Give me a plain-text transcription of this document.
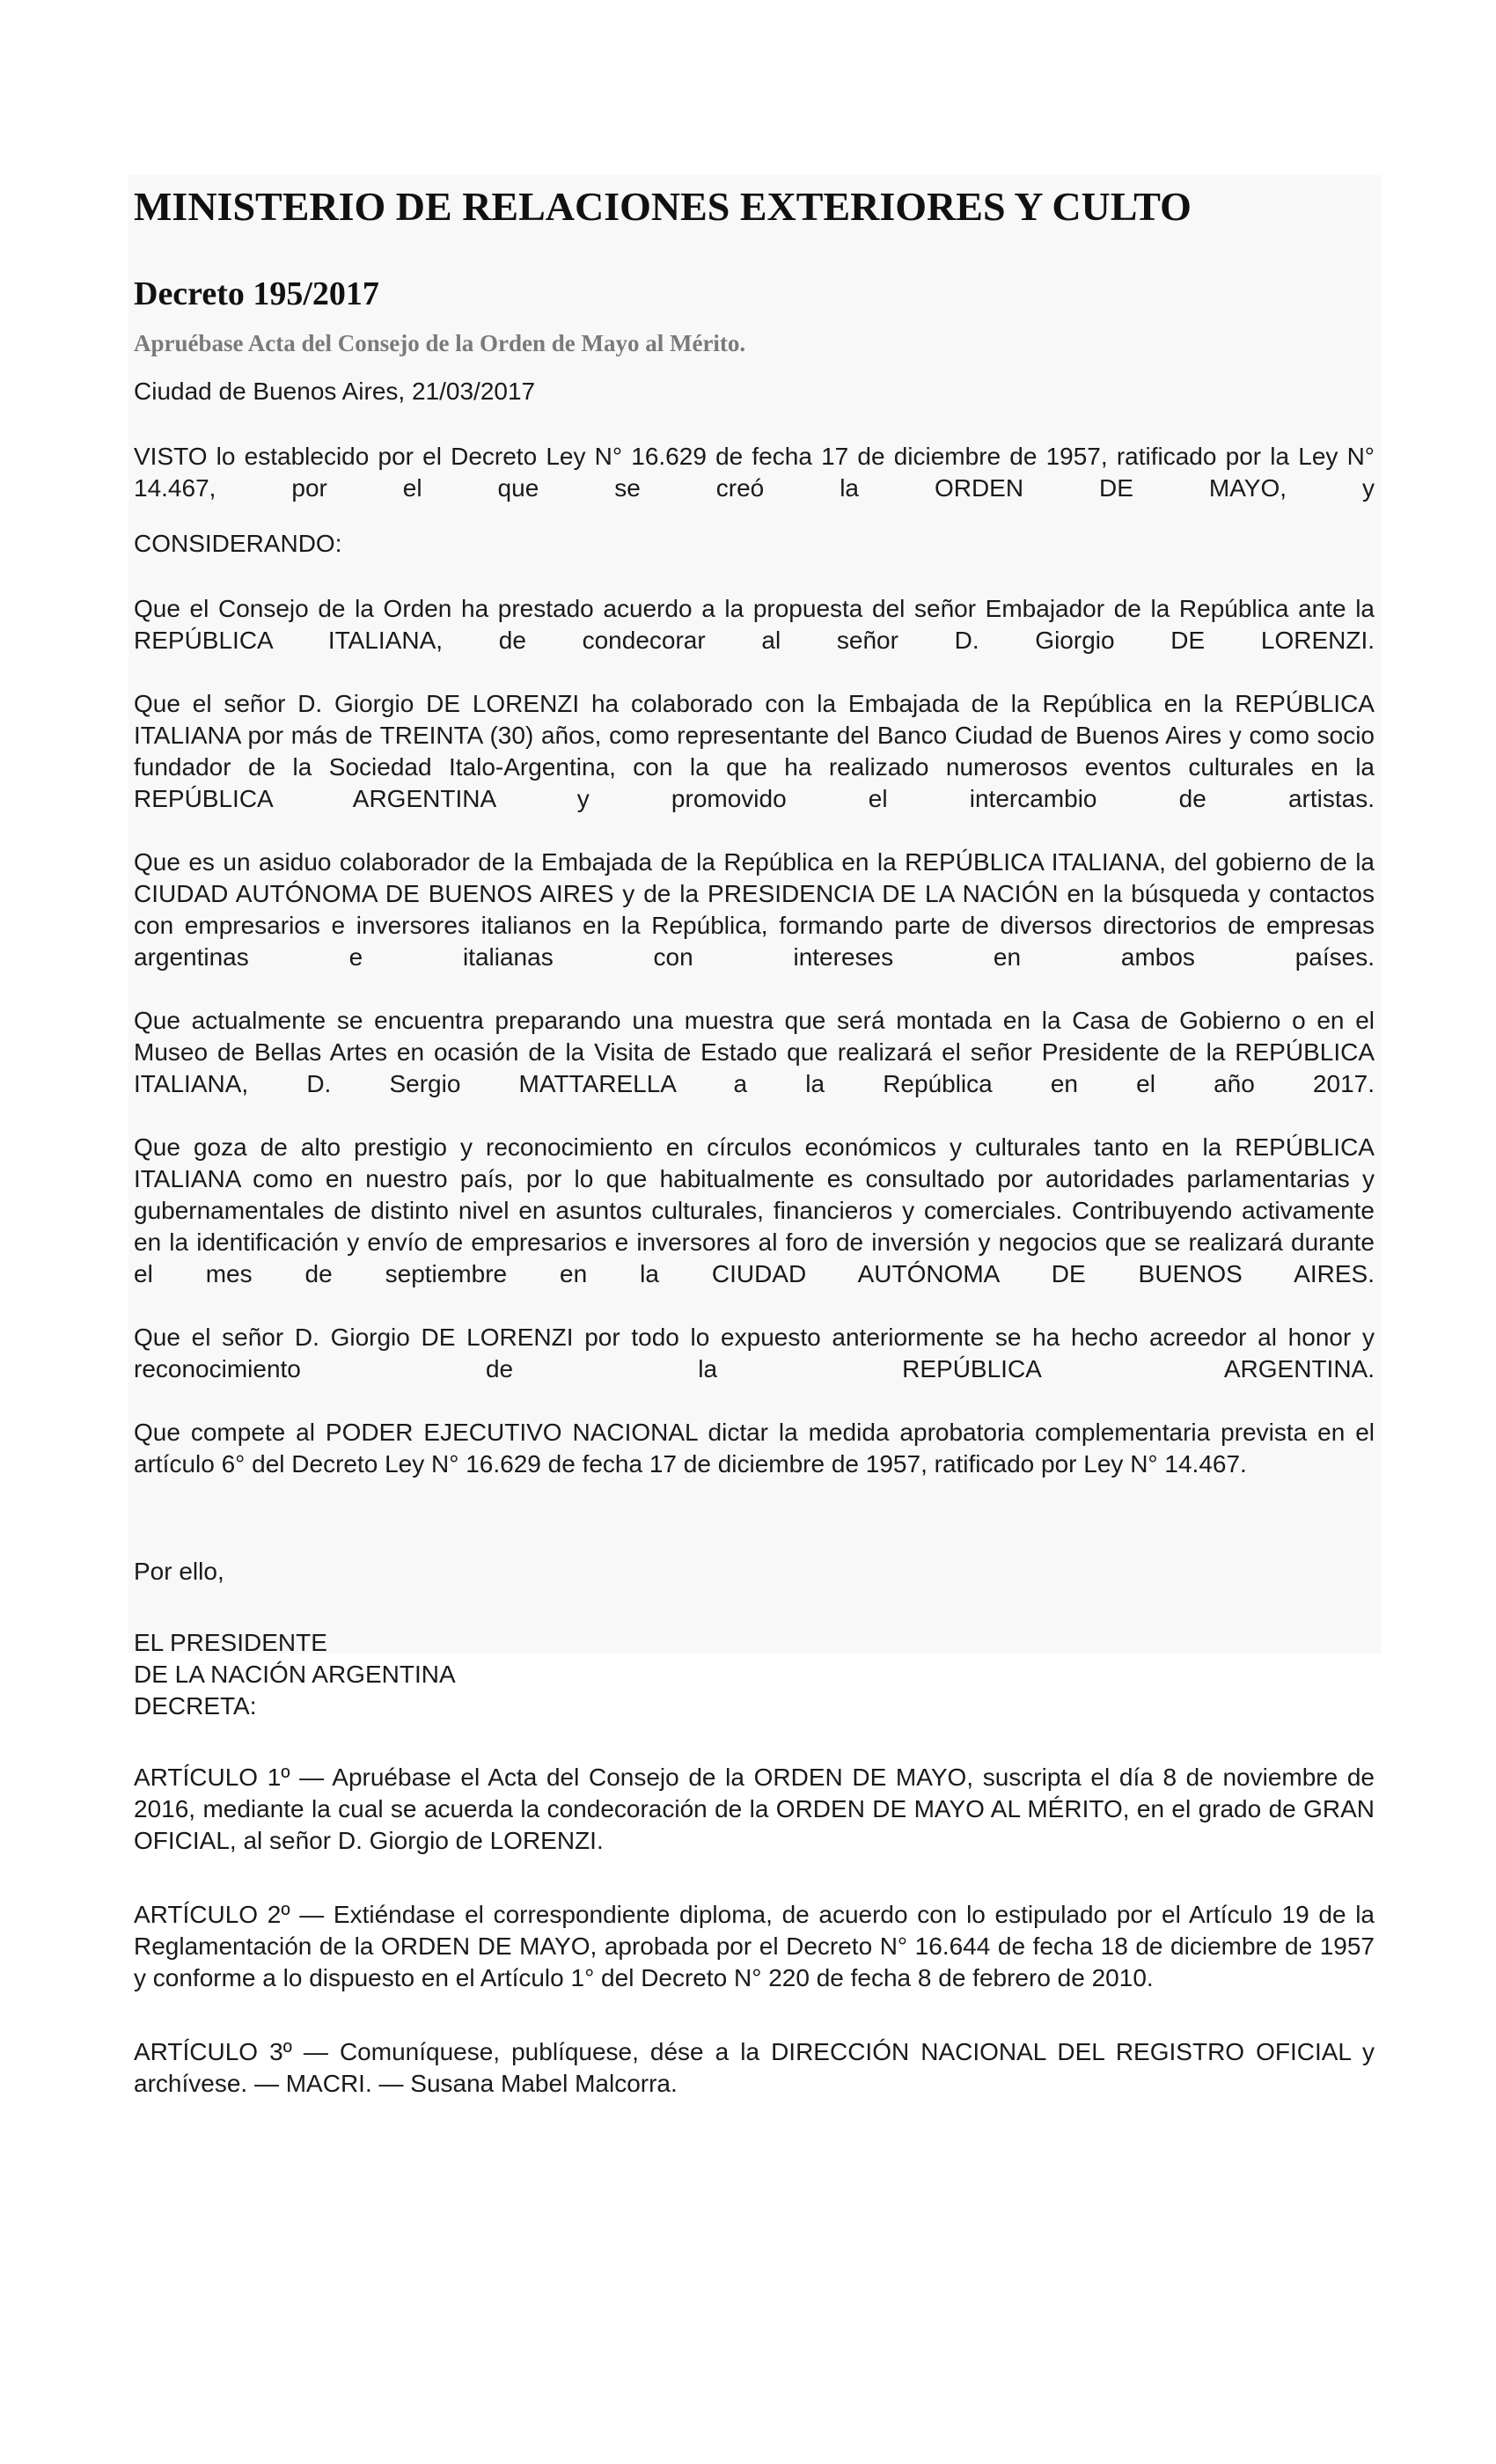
MINISTERIO DE RELACIONES EXTERIORES Y CULTO
Decreto 195/2017

Apruébase Acta del Consejo de la Orden de Mayo al Mérito.

Ciudad de Buenos Aires, 21/03/2017

VISTO lo establecido por el Decreto Ley N° 16.629 de fecha 17 de diciembre de 1957, ratificado por la Ley N° 14.467, por el que se creó la ORDEN DE MAYO, y

CONSIDERANDO:

Que el Consejo de la Orden ha prestado acuerdo a la propuesta del señor Embajador de la República ante la REPÚBLICA ITALIANA, de condecorar al señor D. Giorgio DE LORENZI.

Que el señor D. Giorgio DE LORENZI ha colaborado con la Embajada de la República en la REPÚBLICA ITALIANA por más de TREINTA (30) años, como representante del Banco Ciudad de Buenos Aires y como socio fundador de la Sociedad Italo-Argentina, con la que ha realizado numerosos eventos culturales en la REPÚBLICA ARGENTINA y promovido el intercambio de artistas.

Que es un asiduo colaborador de la Embajada de la República en la REPÚBLICA ITALIANA, del gobierno de la CIUDAD AUTÓNOMA DE BUENOS AIRES y de la PRESIDENCIA DE LA NACIÓN en la búsqueda y contactos con empresarios e inversores italianos en la República, formando parte de diversos directorios de empresas argentinas e italianas con intereses en ambos países.

Que actualmente se encuentra preparando una muestra que será montada en la Casa de Gobierno o en el Museo de Bellas Artes en ocasión de la Visita de Estado que realizará el señor Presidente de la REPÚBLICA ITALIANA, D. Sergio MATTARELLA a la República en el año 2017.

Que goza de alto prestigio y reconocimiento en círculos económicos y culturales tanto en la REPÚBLICA ITALIANA como en nuestro país, por lo que habitualmente es consultado por autoridades parlamentarias y gubernamentales de distinto nivel en asuntos culturales, financieros y comerciales. Contribuyendo activamente en la identificación y envío de empresarios e inversores al foro de inversión y negocios que se realizará durante el mes de septiembre en la CIUDAD AUTÓNOMA DE BUENOS AIRES.

Que el señor D. Giorgio DE LORENZI por todo lo expuesto anteriormente se ha hecho acreedor al honor y reconocimiento de la REPÚBLICA ARGENTINA.

Que compete al PODER EJECUTIVO NACIONAL dictar la medida aprobatoria complementaria prevista en el artículo 6° del Decreto Ley N° 16.629 de fecha 17 de diciembre de 1957, ratificado por Ley N° 14.467.

Por ello,

EL PRESIDENTE
DE LA NACIÓN ARGENTINA
DECRETA:

ARTÍCULO 1º — Apruébase el Acta del Consejo de la ORDEN DE MAYO, suscripta el día 8 de noviembre de 2016, mediante la cual se acuerda la condecoración de la ORDEN DE MAYO AL MÉRITO, en el grado de GRAN OFICIAL, al señor D. Giorgio de LORENZI.

ARTÍCULO 2º — Extiéndase el correspondiente diploma, de acuerdo con lo estipulado por el Artículo 19 de la Reglamentación de la ORDEN DE MAYO, aprobada por el Decreto N° 16.644 de fecha 18 de diciembre de 1957 y conforme a lo dispuesto en el Artículo 1° del Decreto N° 220 de fecha 8 de febrero de 2010.

ARTÍCULO 3º — Comuníquese, publíquese, dése a la DIRECCIÓN NACIONAL DEL REGISTRO OFICIAL y archívese. — MACRI. — Susana Mabel Malcorra.
